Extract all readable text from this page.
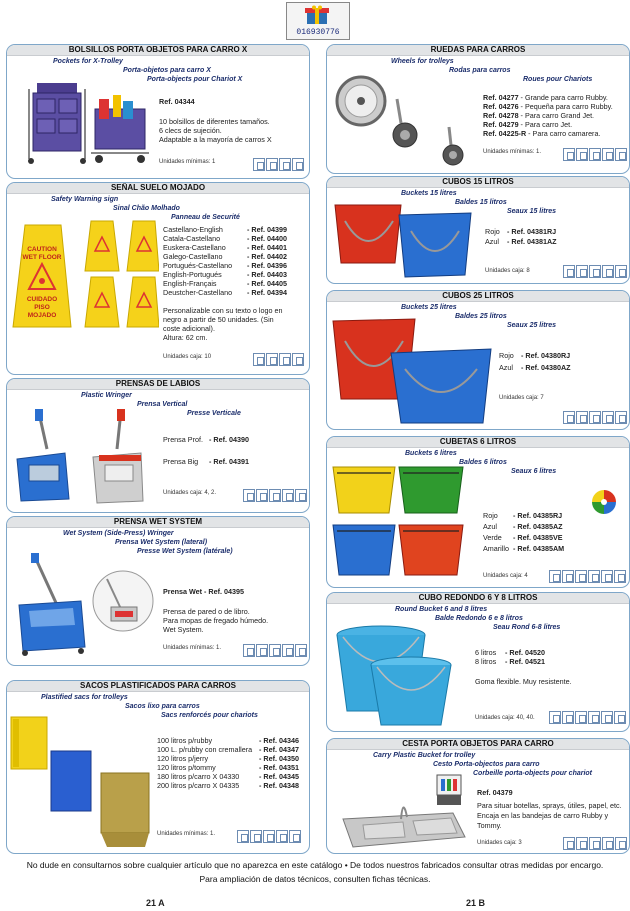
016930776
BOLSILLOS PORTA OBJETOS PARA CARRO X
Pockets for X-Trolley
Porta-objetos para carro X
Porta-objects pour Chariot X
Ref. 04344
10 bolsillos de diferentes tamaños.
6 clecs de sujeción.
Adaptable a la mayoría de carros X
Unidades mínimas: 1
SEÑAL SUELO MOJADO
Safety Warning sign
Sinal Chão Molhado
Panneau de Securité
CAUTION
WET FLOOR
CUIDADO
PISO
MOJADO
Castellano-English	- Ref. 04399
Catala-Castellano	- Ref. 04400
Euskera-Castellano	- Ref. 04401
Galego-Castellano	- Ref. 04402
Portugués-Castellano - Ref. 04396
English-Portugués	- Ref. 04403
English-Français	- Ref. 04405
Deustcher-Castellano - Ref. 04394
Personalizable con su texto o logo en
negro a partir de 50 unidades. (Sin
coste adicional).
Altura: 62 cm.
Unidades caja: 10
PRENSAS DE LABIOS
Plastic Wringer
Prensa Vertical
Presse Verticale
Prensa Prof. - Ref. 04390
Prensa Big - Ref. 04391
Unidades caja: 4, 2.
PRENSA WET SYSTEM
Wet System (Side-Press) Wringer
Prensa Wet System (lateral)
Presse Wet System (latérale)
Prensa Wet - Ref. 04395
Prensa de pared o de libro.
Para mopas de fregado húmedo.
Wet System.
Unidades mínimas: 1.
SACOS PLASTIFICADOS PARA CARROS
Plastified sacs for trolleys
Sacos lixo para carros
Sacs renforcés pour chariots
100 litros p/rubby	- Ref. 04346
100 L. p/rubby con cremallera - Ref. 04347
120 litros p/jerry	- Ref. 04350
120 litros p/tommy	- Ref. 04351
180 litros p/carro X 04330	- Ref. 04345
200 litros p/carro X 04335	- Ref. 04348
Unidades mínimas: 1.
RUEDAS PARA CARROS
Wheels for trolleys
Rodas para carros
Roues pour Chariots
Ref. 04277 - Grande para carro Rubby.
Ref. 04276 - Pequeña para carro Rubby.
Ref. 04278 - Para carro Grand Jet.
Ref. 04279 - Para carro Jet.
Ref. 04225-R - Para carro camarera.
Unidades mínimas: 1.
CUBOS 15 LITROS
Buckets 15 litres
Baldes 15 litros
Seaux 15 litres
Rojo - Ref. 04381RJ
Azul - Ref. 04381AZ
Unidades caja: 8
CUBOS 25 LITROS
Buckets 25 litres
Baldes 25 litros
Seaux 25 litres
Rojo - Ref. 04380RJ
Azul - Ref. 04380AZ
Unidades caja: 7
CUBETAS 6 LITROS
Buckets 6 litres
Baldes 6 litros
Seaux 6 litres
Rojo - Ref. 04385RJ
Azul - Ref. 04385AZ
Verde - Ref. 04385VE
Amarillo - Ref. 04385AM
Unidades caja: 4
CUBO REDONDO 6 Y 8 LITROS
Round Bucket 6 and 8 litres
Balde Redondo 6 e 8 litros
Seau Rond 6-8 litres
6 litros - Ref. 04520
8 litros - Ref. 04521
Goma flexible. Muy resistente.
Unidades caja: 40, 40.
CESTA PORTA OBJETOS PARA CARRO
Carry Plastic Bucket for trolley
Cesto Porta-objectos para carro
Corbeille porta-objects pour chariot
Ref. 04379
Para situar botellas, sprays, útiles, papel, etc.
Encaja en las bandejas de carro Rubby y
Tommy.
Unidades caja: 3
No dude en consultarnos sobre cualquier artículo que no aparezca en este catálogo • De todos nuestros fabricados consultar otras medidas por encargo.
Para ampliación de datos técnicos, consulten fichas técnicas.
21 A	21 B
